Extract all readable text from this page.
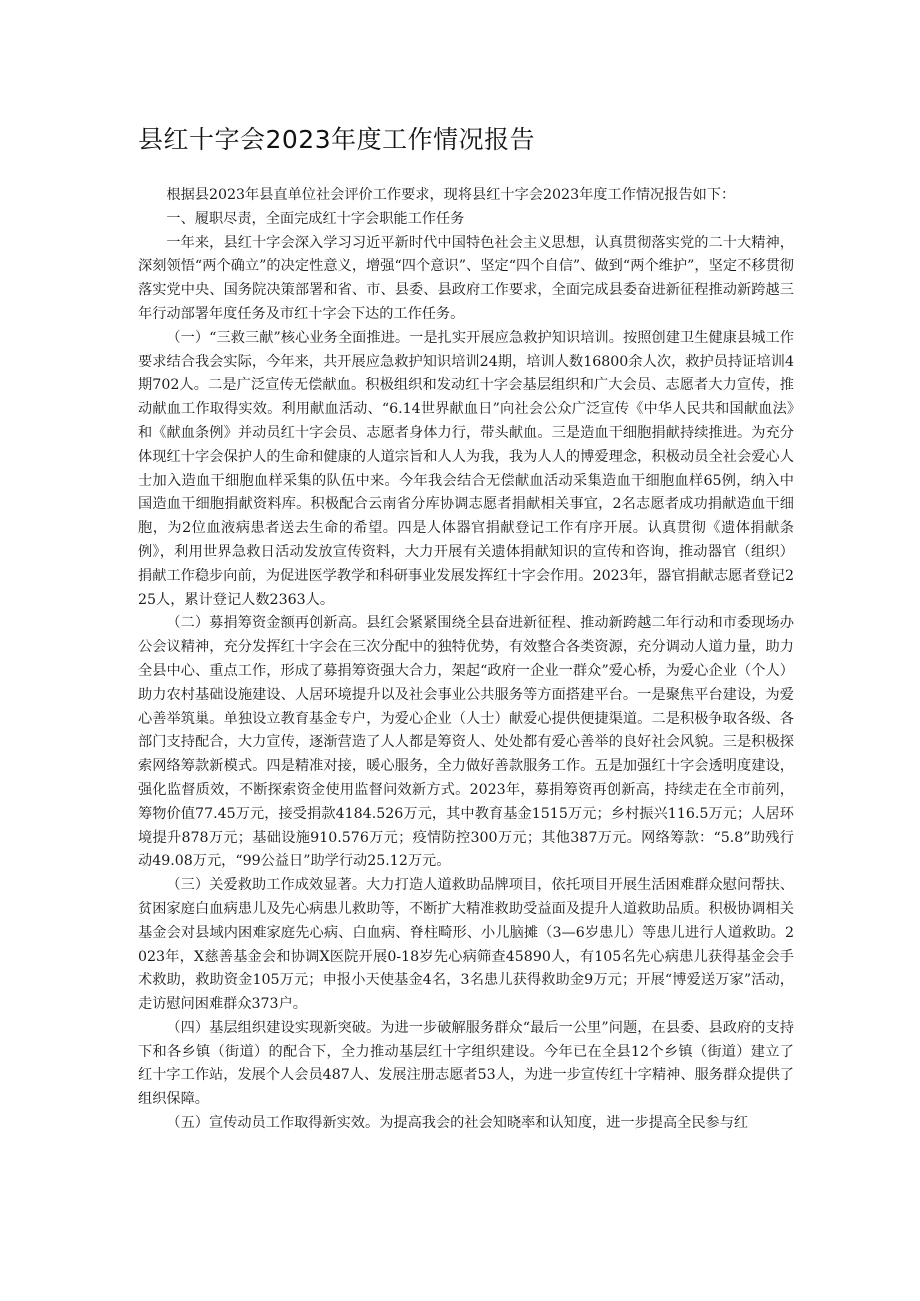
县红十字会2023年度工作情况报告

根据县2023年县直单位社会评价工作要求，现将县红十字会2023年度工作情况报告如下：

一、履职尽责，全面完成红十字会职能工作任务

一年来，县红十字会深入学习习近平新时代中国特色社会主义思想，认真贯彻落实党的二十大精神，深刻领悟“两个确立”的决定性意义，增强“四个意识”、坚定“四个自信”、做到“两个维护”，坚定不移贯彻落实党中央、国务院决策部署和省、市、县委、县政府工作要求，全面完成县委奋进新征程推动新跨越三年行动部署年度任务及市红十字会下达的工作任务。

（一）“三救三献”核心业务全面推进。一是扎实开展应急救护知识培训。按照创建卫生健康县城工作要求结合我会实际，今年来，共开展应急救护知识培训24期，培训人数16800余人次，救护员持证培训4期702人。二是广泛宣传无偿献血。积极组织和发动红十字会基层组织和广大会员、志愿者大力宣传，推动献血工作取得实效。利用献血活动、“6.14世界献血日”向社会公众广泛宣传《中华人民共和国献血法》和《献血条例》并动员红十字会员、志愿者身体力行，带头献血。三是造血干细胞捐献持续推进。为充分体现红十字会保护人的生命和健康的人道宗旨和人人为我，我为人人的博爱理念，积极动员全社会爱心人士加入造血干细胞血样采集的队伍中来。今年我会结合无偿献血活动采集造血干细胞血样65例，纳入中国造血干细胞捐献资料库。积极配合云南省分库协调志愿者捐献相关事宜，2名志愿者成功捐献造血干细胞，为2位血液病患者送去生命的希望。四是人体器官捐献登记工作有序开展。认真贯彻《遗体捐献条例》，利用世界急救日活动发放宣传资料，大力开展有关遗体捐献知识的宣传和咨询，推动器官（组织）捐献工作稳步向前，为促进医学教学和科研事业发展发挥红十字会作用。2023年，器官捐献志愿者登记225人，累计登记人数2363人。

（二）募捐筹资金额再创新高。县红会紧紧围绕全县奋进新征程、推动新跨越二年行动和市委现场办公会议精神，充分发挥红十字会在三次分配中的独特优势，有效整合各类资源，充分调动人道力量，助力全县中心、重点工作，形成了募捐筹资强大合力，架起“政府一企业一群众”爱心桥，为爱心企业（个人）助力农村基础设施建设、人居环境提升以及社会事业公共服务等方面搭建平台。一是聚焦平台建设，为爱心善举筑巢。单独设立教育基金专户，为爱心企业（人士）献爱心提供便捷渠道。二是积极争取各级、各部门支持配合，大力宣传，逐渐营造了人人都是筹资人、处处都有爱心善举的良好社会风貌。三是积极探索网络筹款新模式。四是精准对接，暖心服务，全力做好善款服务工作。五是加强红十字会透明度建设，强化监督质效，不断探索资金使用监督问效新方式。2023年，募捐筹资再创新高，持续走在全市前列，筹物价值77.45万元，接受捐款4184.526万元，其中教育基金1515万元；乡村振兴116.5万元；人居环境提升878万元；基础设施910.576万元；疫情防控300万元；其他387万元。网络筹款：“5.8”助残行动49.08万元，“99公益日”助学行动25.12万元。

（三）关爱救助工作成效显著。大力打造人道救助品牌项目，依托项目开展生活困难群众慰问帮扶、贫困家庭白血病患儿及先心病患儿救助等，不断扩大精准救助受益面及提升人道救助品质。积极协调相关基金会对县域内困难家庭先心病、白血病、脊柱畸形、小儿脑摊（3—6岁患儿）等患儿进行人道救助。2023年，X慈善基金会和协调X医院开展0-18岁先心病筛查45890人，有105名先心病患儿获得基金会手术救助，救助资金105万元；申报小天使基金4名，3名患儿获得救助金9万元；开展“博爱送万家”活动，走访慰问困难群众373户。

（四）基层组织建设实现新突破。为进一步破解服务群众“最后一公里”问题，在县委、县政府的支持下和各乡镇（街道）的配合下，全力推动基层红十字组织建设。今年已在全县12个乡镇（街道）建立了红十字工作站，发展个人会员487人、发展注册志愿者53人，为进一步宣传红十字精神、服务群众提供了组织保障。

（五）宣传动员工作取得新实效。为提高我会的社会知晓率和认知度，进一步提高全民参与红
